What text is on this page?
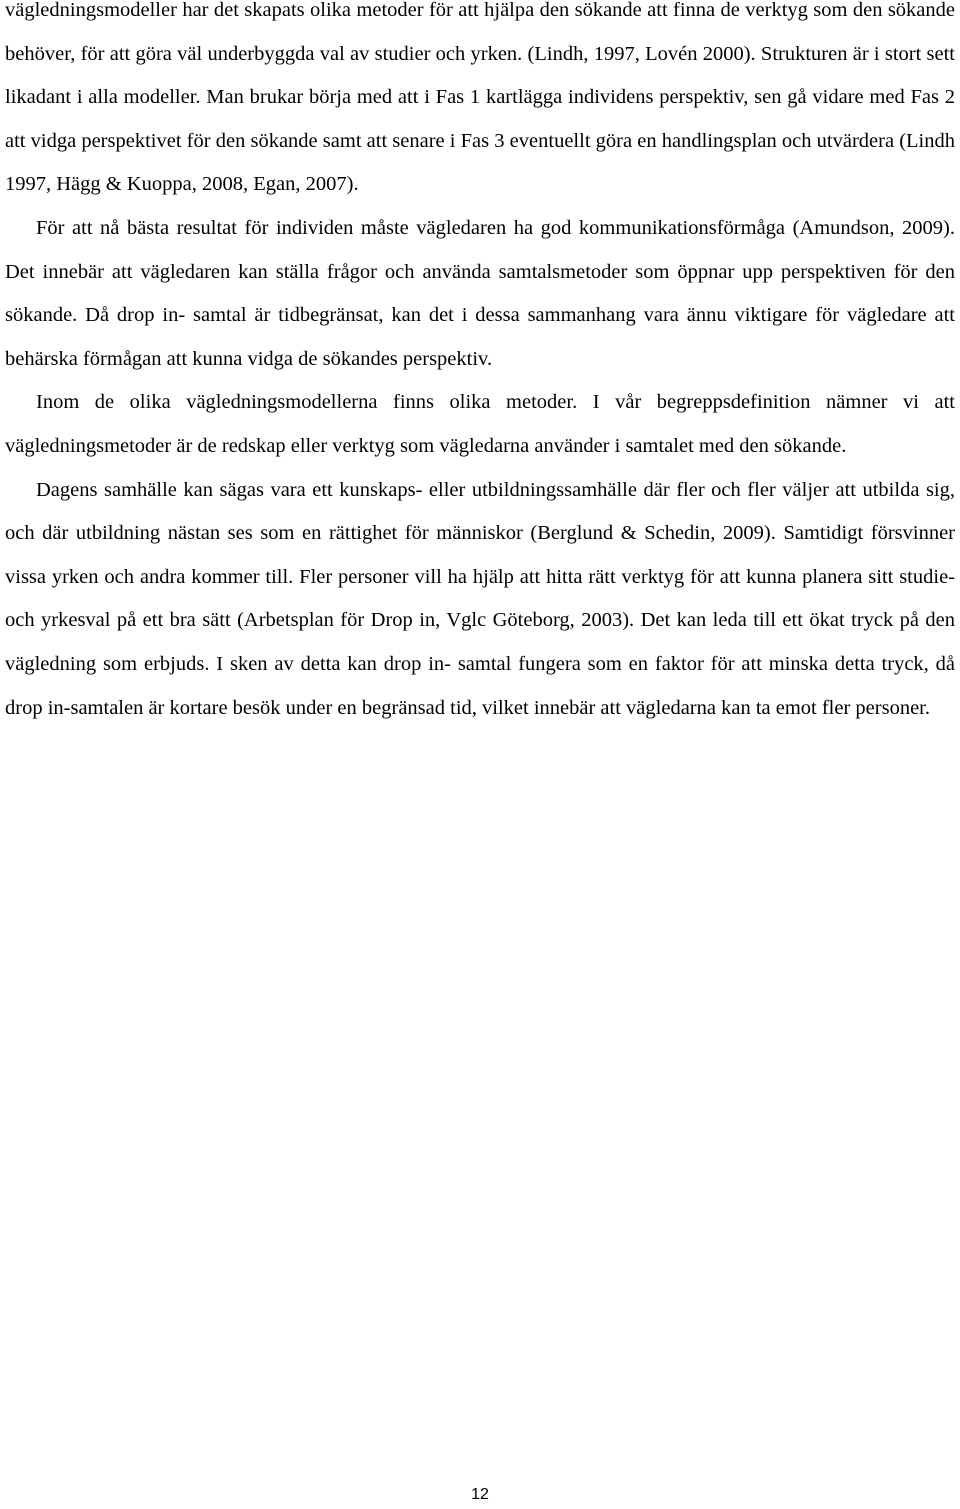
vägledningsmodeller har det skapats olika metoder för att hjälpa den sökande att finna de verktyg som den sökande behöver, för att göra väl underbyggda val av studier och yrken. (Lindh, 1997, Lovén 2000). Strukturen är i stort sett likadant i alla modeller. Man brukar börja med att i Fas 1 kartlägga individens perspektiv, sen gå vidare med Fas 2 att vidga perspektivet för den sökande samt att senare i Fas 3 eventuellt göra en handlingsplan och utvärdera (Lindh 1997, Hägg & Kuoppa, 2008, Egan, 2007).

För att nå bästa resultat för individen måste vägledaren ha god kommunikationsförmåga (Amundson, 2009). Det innebär att vägledaren kan ställa frågor och använda samtalsmetoder som öppnar upp perspektiven för den sökande. Då drop in- samtal är tidbegränsat, kan det i dessa sammanhang vara ännu viktigare för vägledare att behärska förmågan att kunna vidga de sökandes perspektiv.

Inom de olika vägledningsmodellerna finns olika metoder. I vår begreppsdefinition nämner vi att vägledningsmetoder är de redskap eller verktyg som vägledarna använder i samtalet med den sökande.

Dagens samhälle kan sägas vara ett kunskaps- eller utbildningssamhälle där fler och fler väljer att utbilda sig, och där utbildning nästan ses som en rättighet för människor (Berglund & Schedin, 2009). Samtidigt försvinner vissa yrken och andra kommer till. Fler personer vill ha hjälp att hitta rätt verktyg för att kunna planera sitt studie- och yrkesval på ett bra sätt (Arbetsplan för Drop in, Vglc Göteborg, 2003). Det kan leda till ett ökat tryck på den vägledning som erbjuds. I sken av detta kan drop in- samtal fungera som en faktor för att minska detta tryck, då drop in-samtalen är kortare besök under en begränsad tid, vilket innebär att vägledarna kan ta emot fler personer.

12
